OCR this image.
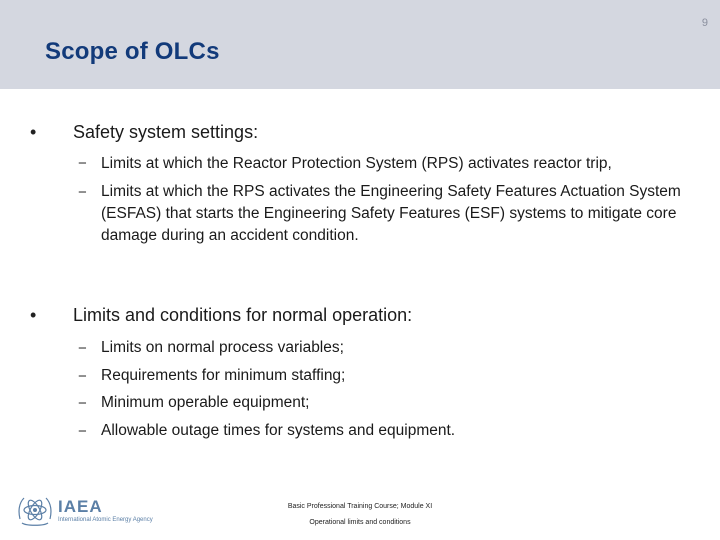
9
Scope of OLCs
• Safety system settings:
− Limits at which the Reactor Protection System (RPS) activates reactor trip,
− Limits at which the RPS activates the Engineering Safety Features Actuation System (ESFAS) that starts the Engineering Safety Features (ESF) systems to mitigate core damage during an accident condition.
• Limits and conditions for normal operation:
− Limits on normal process variables;
− Requirements for minimum staffing;
− Minimum operable equipment;
− Allowable outage times for systems and equipment.
IAEA
International Atomic Energy Agency
Basic Professional Training Course; Module XI
Operational limits and conditions
